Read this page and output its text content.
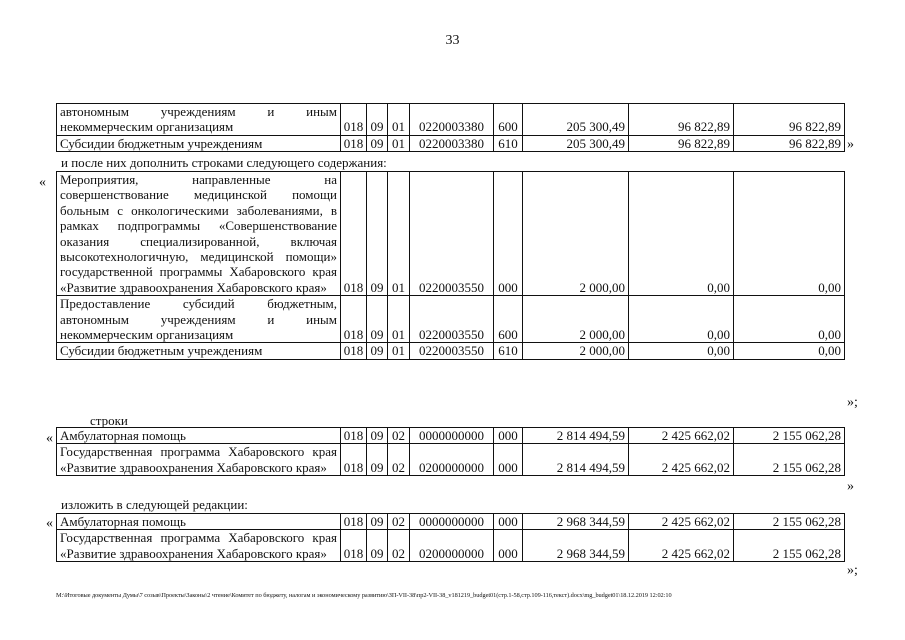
33
автономным учреждениям и иным некоммерческим организациям	018	09	01	0220003380	600	205 300,49	96 822,89	96 822,89
Субсидии бюджетным учреждениям	018	09	01	0220003380	610	205 300,49	96 822,89	96 822,89 »
и после них дополнить строками следующего содержания:
« Мероприятия, направленные на совершенствование медицинской помощи больным с онкологическими заболеваниями, в рамках подпрограммы «Совершенствование оказания специализированной, включая высокотехнологичную, медицинской помощи» государственной программы Хабаровского края «Развитие здравоохранения Хабаровского края»	018	09	01	0220003550	000	2 000,00	0,00	0,00
Предоставление субсидий бюджетным, автономным учреждениям и иным некоммерческим организациям	018	09	01	0220003550	600	2 000,00	0,00	0,00
Субсидии бюджетным учреждениям	018	09	01	0220003550	610	2 000,00	0,00	0,00
»;
строки
« Амбулаторная помощь	018	09	02	0000000000	000	2 814 494,59	2 425 662,02	2 155 062,28
Государственная программа Хабаровского края «Развитие здравоохранения Хабаровского края»	018	09	02	0200000000	000	2 814 494,59	2 425 662,02	2 155 062,28
»
изложить в следующей редакции:
« Амбулаторная помощь	018	09	02	0000000000	000	2 968 344,59	2 425 662,02	2 155 062,28
Государственная программа Хабаровского края «Развитие здравоохранения Хабаровского края»	018	09	02	0200000000	000	2 968 344,59	2 425 662,02	2 155 062,28
»;
M:\Итоговые документы Думы\7 созыв\Проекты\Законы\2 чтение\Комитет по бюджету, налогам и экономическому развитию\ЗП-VII-38\пр2-VII-38_v181219_budget01(стр.1-58,стр.109-116,текст).docx\mg_budget01\18.12.2019 12:02:10
